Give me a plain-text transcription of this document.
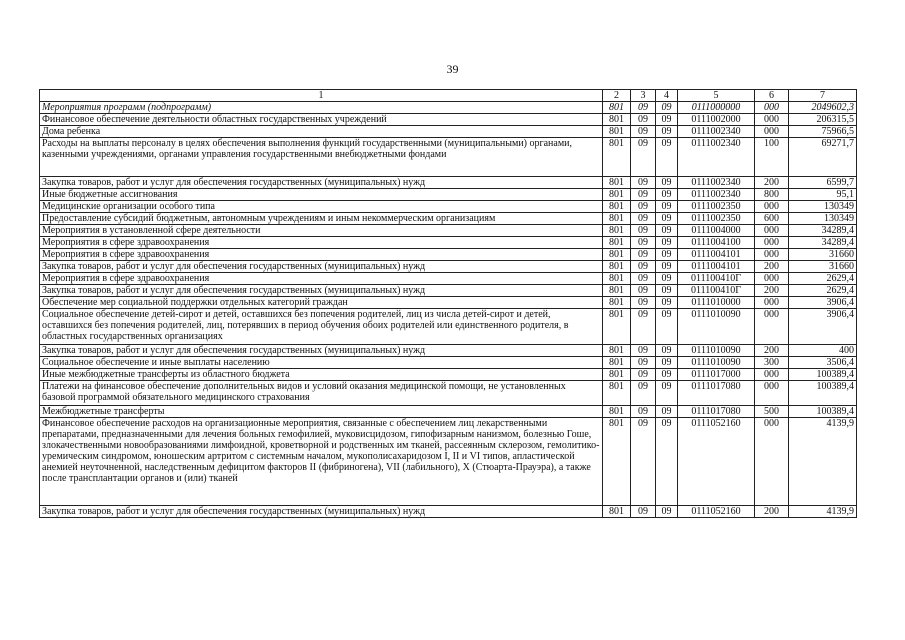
39
1	2	3	4	5	6	7
Мероприятия программ (подпрограмм)	801	09	09	0111000000	000	2049602,3
Финансовое обеспечение деятельности областных государственных учреждений	801	09	09	0111002000	000	206315,5
Дома ребенка	801	09	09	0111002340	000	75966,5
Расходы на выплаты персоналу в целях обеспечения выполнения функций государственными (муниципальными) органами, казенными учреждениями, органами управления государственными внебюджетными фондами	801	09	09	0111002340	100	69271,7
Закупка товаров, работ и услуг для обеспечения государственных (муниципальных) нужд	801	09	09	0111002340	200	6599,7
Иные бюджетные ассигнования	801	09	09	0111002340	800	95,1
Медицинские организации особого типа	801	09	09	0111002350	000	130349
Предоставление субсидий бюджетным, автономным учреждениям и иным некоммерческим организациям	801	09	09	0111002350	600	130349
Мероприятия в установленной сфере деятельности	801	09	09	0111004000	000	34289,4
Мероприятия в сфере здравоохранения	801	09	09	0111004100	000	34289,4
Мероприятия в сфере здравоохранения	801	09	09	0111004101	000	31660
Закупка товаров, работ и услуг для обеспечения государственных (муниципальных) нужд	801	09	09	0111004101	200	31660
Мероприятия в сфере здравоохранения	801	09	09	011100410Г	000	2629,4
Закупка товаров, работ и услуг для обеспечения государственных (муниципальных) нужд	801	09	09	011100410Г	200	2629,4
Обеспечение мер социальной поддержки отдельных категорий граждан	801	09	09	0111010000	000	3906,4
Социальное обеспечение детей-сирот и детей, оставшихся без попечения родителей, лиц из числа детей-сирот и детей, оставшихся без попечения родителей, лиц, потерявших в период обучения обоих родителей или единственного родителя, в областных государственных организациях	801	09	09	0111010090	000	3906,4
Закупка товаров, работ и услуг для обеспечения государственных (муниципальных) нужд	801	09	09	0111010090	200	400
Социальное обеспечение и иные выплаты населению	801	09	09	0111010090	300	3506,4
Иные межбюджетные трансферты из областного бюджета	801	09	09	0111017000	000	100389,4
Платежи на финансовое обеспечение дополнительных видов и условий оказания медицинской помощи, не установленных базовой программой обязательного медицинского страхования	801	09	09	0111017080	000	100389,4
Межбюджетные трансферты	801	09	09	0111017080	500	100389,4
Финансовое обеспечение расходов на организационные мероприятия, связанные с обеспечением лиц лекарственными препаратами, предназначенными для лечения больных гемофилией, муковисцидозом, гипофизарным нанизмом, болезнью Гоше, злокачественными новообразованиями лимфоидной, кроветворной и родственных им тканей, рассеянным склерозом, гемолитико-уремическим синдромом, юношеским артритом с системным началом, мукополисахаридозом I, II и VI типов, апластической анемией неуточненной, наследственным дефицитом факторов II (фибриногена), VII (лабильного), X (Стюарта-Прауэра), а также после трансплантации органов и (или) тканей	801	09	09	0111052160	000	4139,9
Закупка товаров, работ и услуг для обеспечения государственных (муниципальных) нужд	801	09	09	0111052160	200	4139,9
